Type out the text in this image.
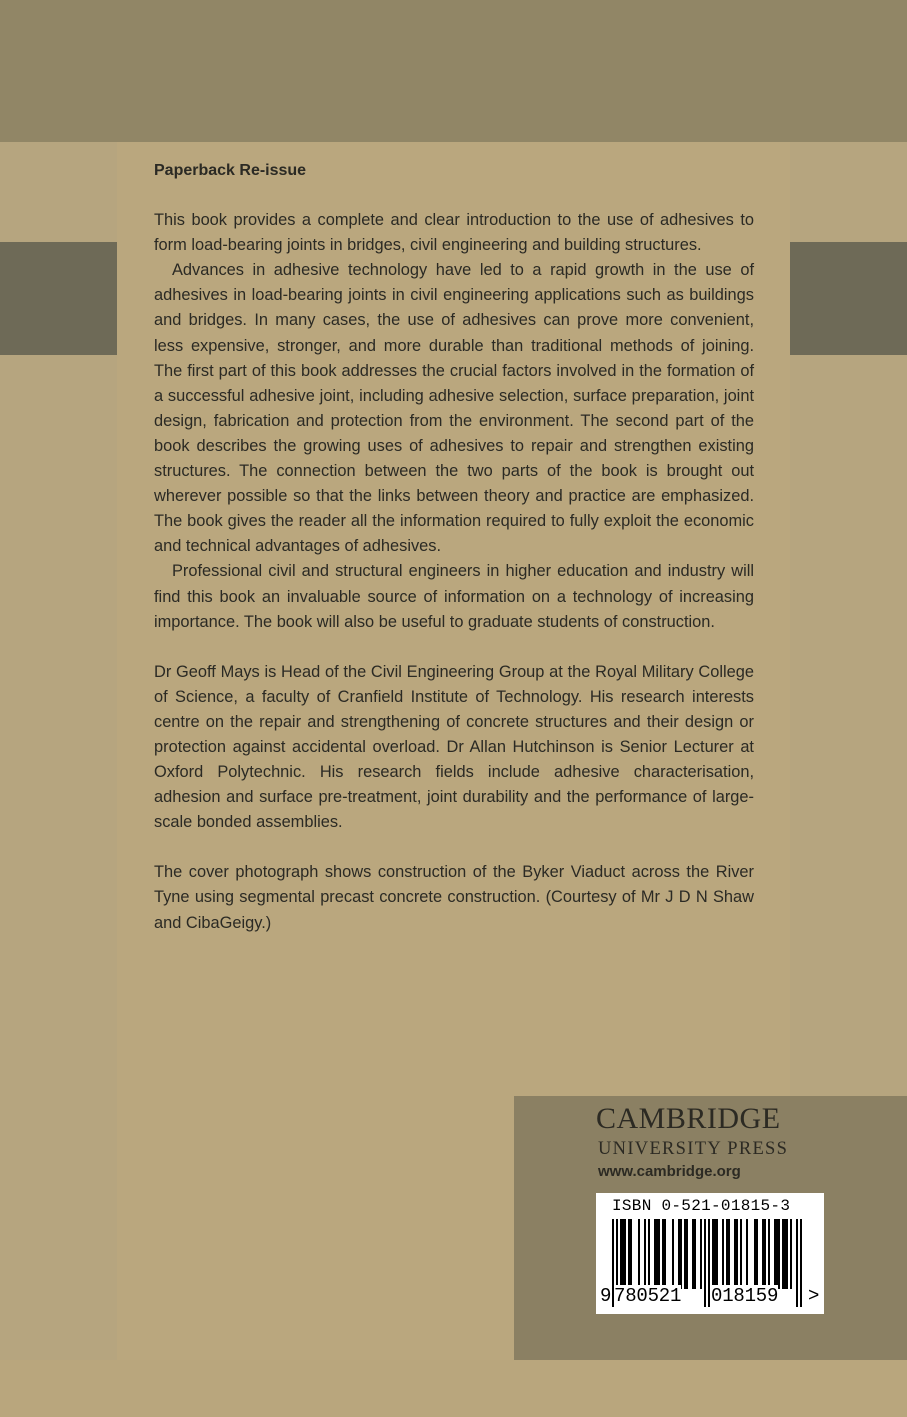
Paperback Re-issue

This book provides a complete and clear introduction to the use of adhesives to form load-bearing joints in bridges, civil engineering and building structures.

Advances in adhesive technology have led to a rapid growth in the use of adhesives in load-bearing joints in civil engineering applications such as buildings and bridges. In many cases, the use of adhesives can prove more convenient, less expensive, stronger, and more durable than traditional methods of joining. The first part of this book addresses the crucial factors involved in the formation of a successful adhesive joint, including adhesive selection, surface preparation, joint design, fabrication and protection from the environment. The second part of the book describes the growing uses of adhesives to repair and strengthen existing structures. The connection between the two parts of the book is brought out wherever possible so that the links between theory and practice are emphasized. The book gives the reader all the information required to fully exploit the economic and technical advantages of adhesives.

Professional civil and structural engineers in higher education and industry will find this book an invaluable source of information on a technology of increasing importance. The book will also be useful to graduate students of construction.

Dr Geoff Mays is Head of the Civil Engineering Group at the Royal Military College of Science, a faculty of Cranfield Institute of Technology. His research interests centre on the repair and strengthening of concrete structures and their design or protection against accidental overload. Dr Allan Hutchinson is Senior Lecturer at Oxford Polytechnic. His research fields include adhesive characterisation, adhesion and surface pre-treatment, joint durability and the performance of large-scale bonded assemblies.

The cover photograph shows construction of the Byker Viaduct across the River Tyne using segmental precast concrete construction. (Courtesy of Mr J D N Shaw and CibaGeigy.)

CAMBRIDGE
UNIVERSITY PRESS
www.cambridge.org
ISBN 0-521-01815-3

9

780521

018159

>
